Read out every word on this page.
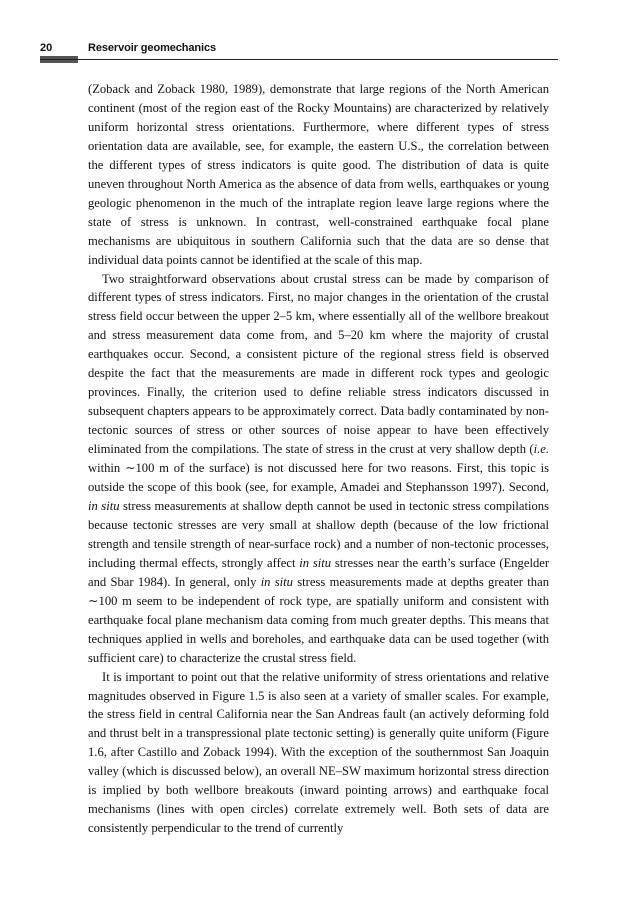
20	Reservoir geomechanics

(Zoback and Zoback 1980, 1989), demonstrate that large regions of the North American continent (most of the region east of the Rocky Mountains) are characterized by relatively uniform horizontal stress orientations. Furthermore, where different types of stress orientation data are available, see, for example, the eastern U.S., the correlation between the different types of stress indicators is quite good. The distribution of data is quite uneven throughout North America as the absence of data from wells, earthquakes or young geologic phenomenon in the much of the intraplate region leave large regions where the state of stress is unknown. In contrast, well-constrained earthquake focal plane mechanisms are ubiquitous in southern California such that the data are so dense that individual data points cannot be identified at the scale of this map.

Two straightforward observations about crustal stress can be made by comparison of different types of stress indicators. First, no major changes in the orientation of the crustal stress field occur between the upper 2–5 km, where essentially all of the wellbore breakout and stress measurement data come from, and 5–20 km where the majority of crustal earthquakes occur. Second, a consistent picture of the regional stress field is observed despite the fact that the measurements are made in different rock types and geologic provinces. Finally, the criterion used to define reliable stress indicators discussed in subsequent chapters appears to be approximately correct. Data badly contaminated by non-tectonic sources of stress or other sources of noise appear to have been effectively eliminated from the compilations. The state of stress in the crust at very shallow depth (i.e. within ∼100 m of the surface) is not discussed here for two reasons. First, this topic is outside the scope of this book (see, for example, Amadei and Stephansson 1997). Second, in situ stress measurements at shallow depth cannot be used in tectonic stress compilations because tectonic stresses are very small at shallow depth (because of the low frictional strength and tensile strength of near-surface rock) and a number of non-tectonic processes, including thermal effects, strongly affect in situ stresses near the earth’s surface (Engelder and Sbar 1984). In general, only in situ stress measurements made at depths greater than ∼100 m seem to be independent of rock type, are spatially uniform and consistent with earthquake focal plane mechanism data coming from much greater depths. This means that techniques applied in wells and boreholes, and earthquake data can be used together (with sufficient care) to characterize the crustal stress field.

It is important to point out that the relative uniformity of stress orientations and relative magnitudes observed in Figure 1.5 is also seen at a variety of smaller scales. For example, the stress field in central California near the San Andreas fault (an actively deforming fold and thrust belt in a transpressional plate tectonic setting) is generally quite uniform (Figure 1.6, after Castillo and Zoback 1994). With the exception of the southernmost San Joaquin valley (which is discussed below), an overall NE–SW maximum horizontal stress direction is implied by both wellbore breakouts (inward pointing arrows) and earthquake focal mechanisms (lines with open circles) correlate extremely well. Both sets of data are consistently perpendicular to the trend of currently
